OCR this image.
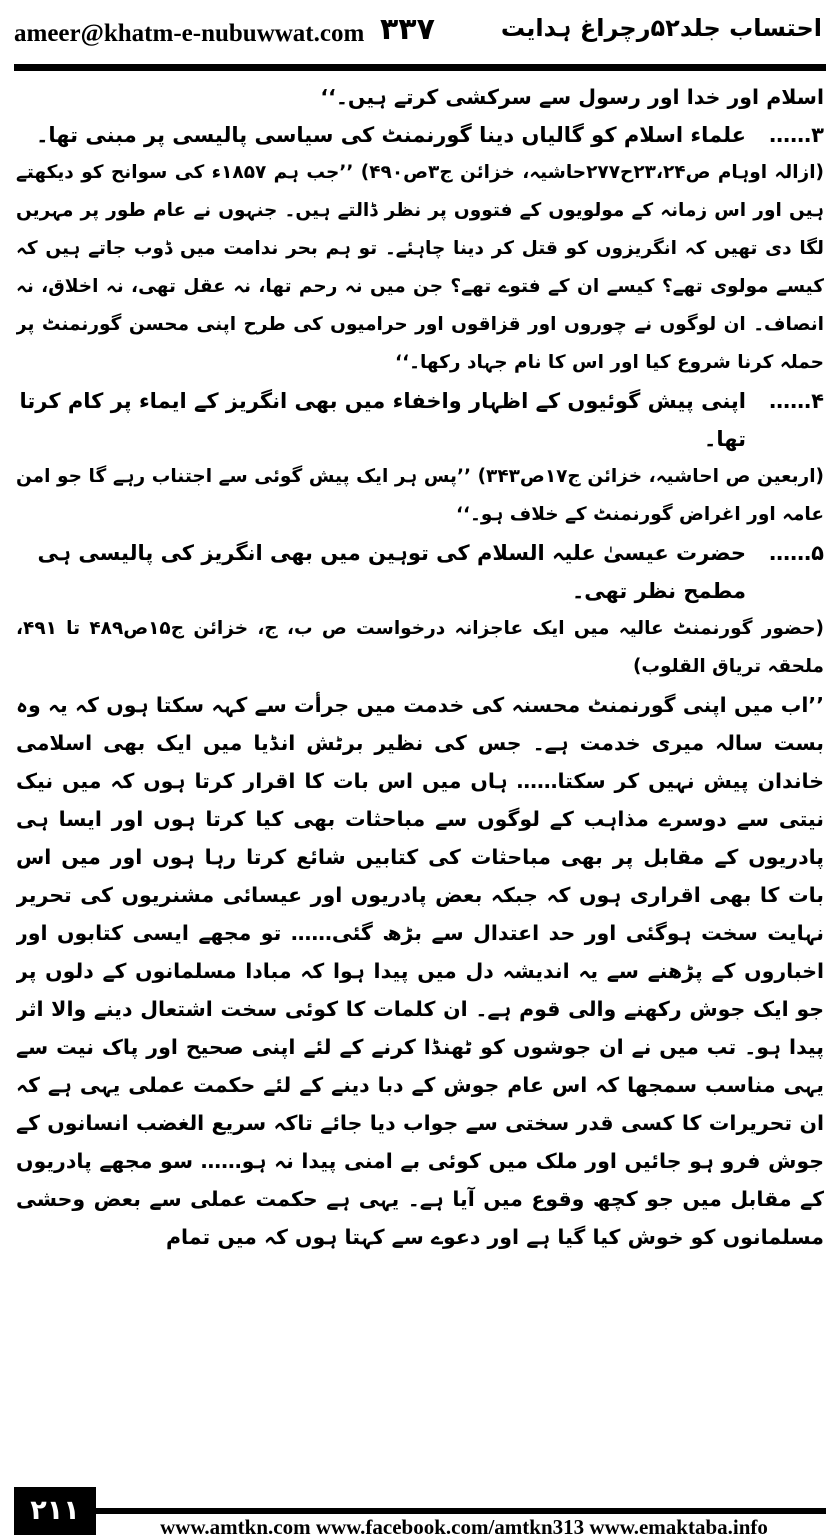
ameer@khatm-e-nubuwwat.com ۳۳۷	احتساب جلد۵۲رچراغ ہدایت

اسلام اور خدا اور رسول سے سرکشی کرتے ہیں۔‘‘

۳……
علماء اسلام کو گالیاں دینا گورنمنٹ کی سیاسی پالیسی پر مبنی تھا۔

(ازالہ اوہام ص۲۳،۲۴ح۲۷۷حاشیہ، خزائن ج۳ص۴۹۰) ’’جب ہم ۱۸۵۷ء کی سوانح کو دیکھتے ہیں اور اس زمانہ کے مولویوں کے فتووں پر نظر ڈالتے ہیں۔ جنہوں نے عام طور پر مہریں لگا دی تھیں کہ انگریزوں کو قتل کر دینا چاہئے۔ تو ہم بحر ندامت میں ڈوب جاتے ہیں کہ کیسے مولوی تھے؟ کیسے ان کے فتوے تھے؟ جن میں نہ رحم تھا، نہ عقل تھی، نہ اخلاق، نہ انصاف۔ ان لوگوں نے چوروں اور قزاقوں اور حرامیوں کی طرح اپنی محسن گورنمنٹ پر حملہ کرنا شروع کیا اور اس کا نام جہاد رکھا۔‘‘

۴……
اپنی پیش گوئیوں کے اظہار واخفاء میں بھی انگریز کے ایماء پر کام کرتا تھا۔

(اربعین ص احاشیہ، خزائن ج۱۷ص۳۴۳) ’’پس ہر ایک پیش گوئی سے اجتناب رہے گا جو امن عامہ اور اغراض گورنمنٹ کے خلاف ہو۔‘‘

۵……
حضرت عیسیٰ علیہ السلام کی توہین میں بھی انگریز کی پالیسی ہی مطمح نظر تھی۔

(حضور گورنمنٹ عالیہ میں ایک عاجزانہ درخواست ص ب، ج، خزائن ج۱۵ص۴۸۹ تا ۴۹۱، ملحقہ تریاق القلوب)

’’اب میں اپنی گورنمنٹ محسنہ کی خدمت میں جرأت سے کہہ سکتا ہوں کہ یہ وہ بست سالہ میری خدمت ہے۔ جس کی نظیر برٹش انڈیا میں ایک بھی اسلامی خاندان پیش نہیں کر سکتا…… ہاں میں اس بات کا اقرار کرتا ہوں کہ میں نیک نیتی سے دوسرے مذاہب کے لوگوں سے مباحثات بھی کیا کرتا ہوں اور ایسا ہی پادریوں کے مقابل پر بھی مباحثات کی کتابیں شائع کرتا رہا ہوں اور میں اس بات کا بھی اقراری ہوں کہ جبکہ بعض پادریوں اور عیسائی مشنریوں کی تحریر نہایت سخت ہوگئی اور حد اعتدال سے بڑھ گئی…… تو مجھے ایسی کتابوں اور اخباروں کے پڑھنے سے یہ اندیشہ دل میں پیدا ہوا کہ مبادا مسلمانوں کے دلوں پر جو ایک جوش رکھنے والی قوم ہے۔ ان کلمات کا کوئی سخت اشتعال دینے والا اثر پیدا ہو۔ تب میں نے ان جوشوں کو ٹھنڈا کرنے کے لئے اپنی صحیح اور پاک نیت سے یہی مناسب سمجھا کہ اس عام جوش کے دبا دینے کے لئے حکمت عملی یہی ہے کہ ان تحریرات کا کسی قدر سختی سے جواب دیا جائے تاکہ سریع الغضب انسانوں کے جوش فرو ہو جائیں اور ملک میں کوئی بے امنی پیدا نہ ہو…… سو مجھے پادریوں کے مقابل میں جو کچھ وقوع میں آیا ہے۔ یہی ہے حکمت عملی سے بعض وحشی مسلمانوں کو خوش کیا گیا ہے اور دعوے سے کہتا ہوں کہ میں تمام

۲۱۱
www.amtkn.com www.facebook.com/amtkn313 www.emaktaba.info
